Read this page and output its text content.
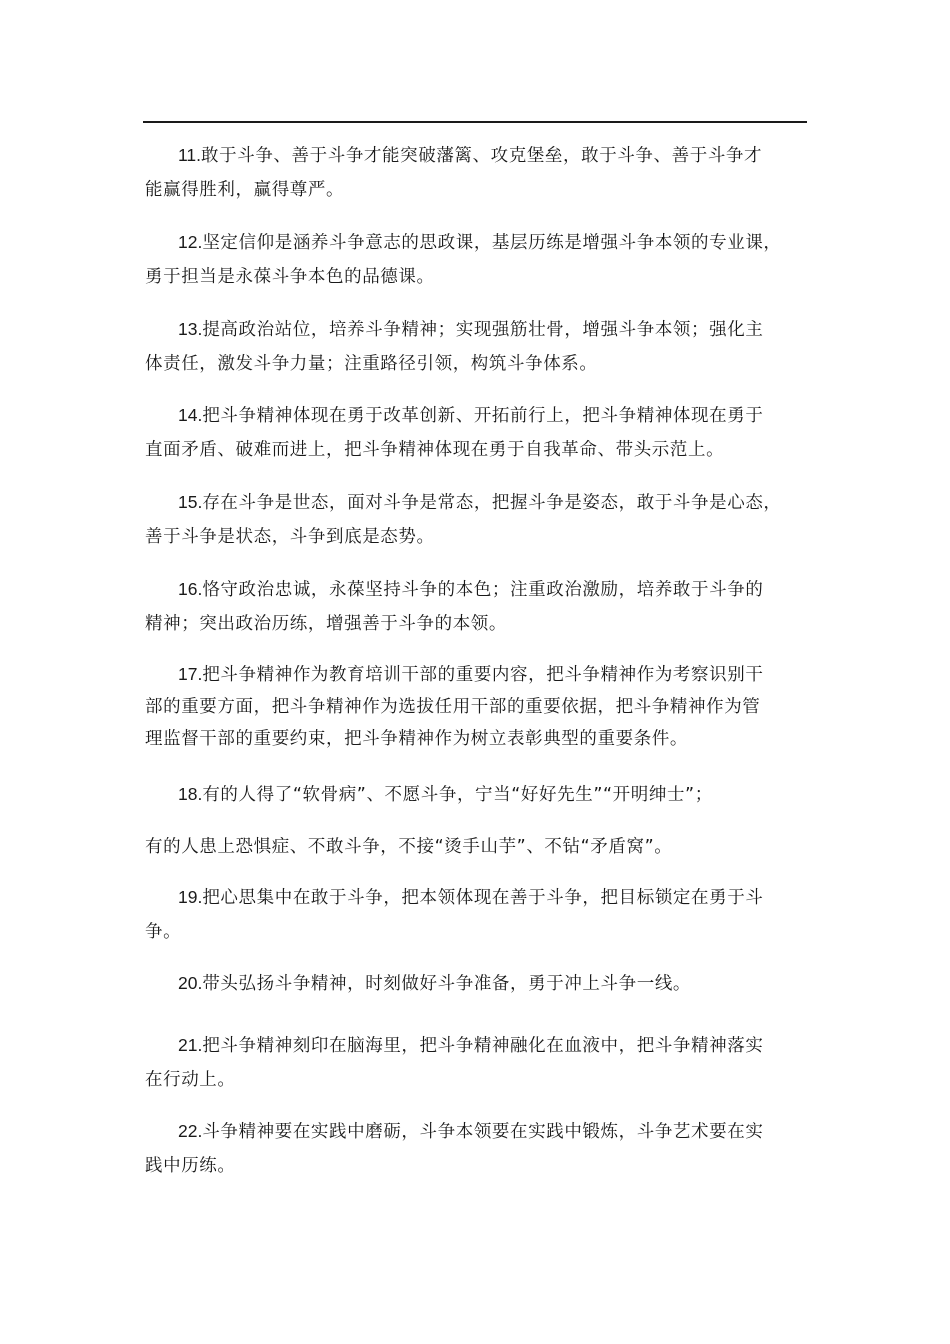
11.敢于斗争、善于斗争才能突破藩篱、攻克堡垒，敢于斗争、善于斗争才
能赢得胜利，赢得尊严。

12.坚定信仰是涵养斗争意志的思政课，基层历练是增强斗争本领的专业课，
勇于担当是永葆斗争本色的品德课。

13.提高政治站位，培养斗争精神；实现强筋壮骨，增强斗争本领；强化主
体责任，激发斗争力量；注重路径引领，构筑斗争体系。

14.把斗争精神体现在勇于改革创新、开拓前行上，把斗争精神体现在勇于
直面矛盾、破难而进上，把斗争精神体现在勇于自我革命、带头示范上。

15.存在斗争是世态，面对斗争是常态，把握斗争是姿态，敢于斗争是心态，
善于斗争是状态，斗争到底是态势。

16.恪守政治忠诚，永葆坚持斗争的本色；注重政治激励，培养敢于斗争的
精神；突出政治历练，增强善于斗争的本领。

17.把斗争精神作为教育培训干部的重要内容，把斗争精神作为考察识别干
部的重要方面，把斗争精神作为选拔任用干部的重要依据，把斗争精神作为管
理监督干部的重要约束，把斗争精神作为树立表彰典型的重要条件。

18.有的人得了“软骨病”、不愿斗争，宁当“好好先生”“开明绅士”；
有的人患上恐惧症、不敢斗争，不接“烫手山芋”、不钻“矛盾窝”。

19.把心思集中在敢于斗争，把本领体现在善于斗争，把目标锁定在勇于斗
争。

20.带头弘扬斗争精神，时刻做好斗争准备，勇于冲上斗争一线。

21.把斗争精神刻印在脑海里，把斗争精神融化在血液中，把斗争精神落实
在行动上。

22.斗争精神要在实践中磨砺，斗争本领要在实践中锻炼，斗争艺术要在实
践中历练。
